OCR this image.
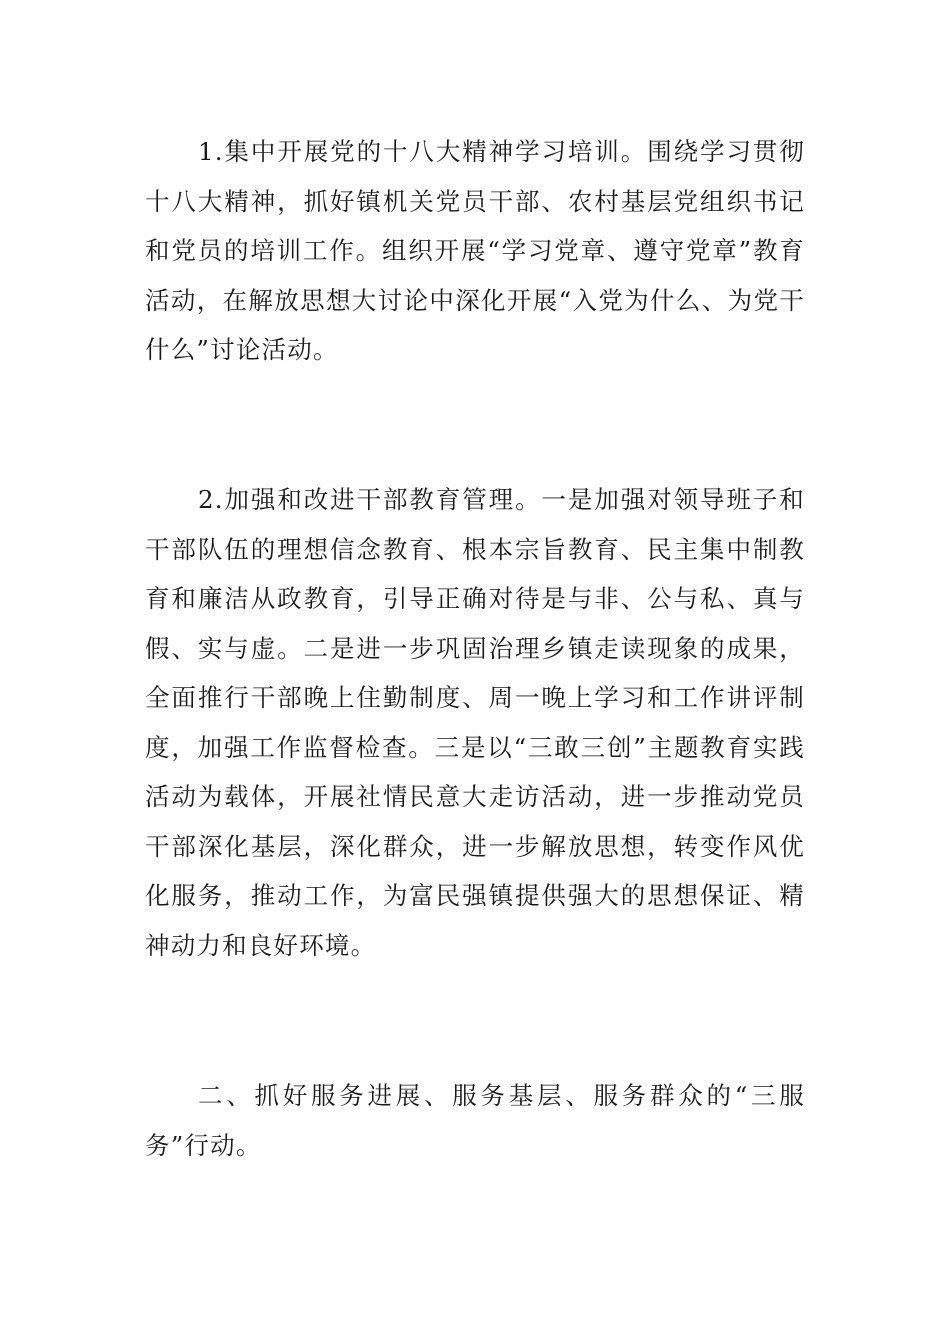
1.集中开展党的十八大精神学习培训。围绕学习贯彻十八大精神，抓好镇机关党员干部、农村基层党组织书记和党员的培训工作。组织开展“学习党章、遵守党章”教育活动，在解放思想大讨论中深化开展“入党为什么、为党干什么”讨论活动。

2.加强和改进干部教育管理。一是加强对领导班子和干部队伍的理想信念教育、根本宗旨教育、民主集中制教育和廉洁从政教育，引导正确对待是与非、公与私、真与假、实与虚。二是进一步巩固治理乡镇走读现象的成果，全面推行干部晚上住勤制度、周一晚上学习和工作讲评制度，加强工作监督检查。三是以“三敢三创”主题教育实践活动为载体，开展社情民意大走访活动，进一步推动党员干部深化基层，深化群众，进一步解放思想，转变作风优化服务，推动工作，为富民强镇提供强大的思想保证、精神动力和良好环境。

二、抓好服务进展、服务基层、服务群众的“三服务”行动。
